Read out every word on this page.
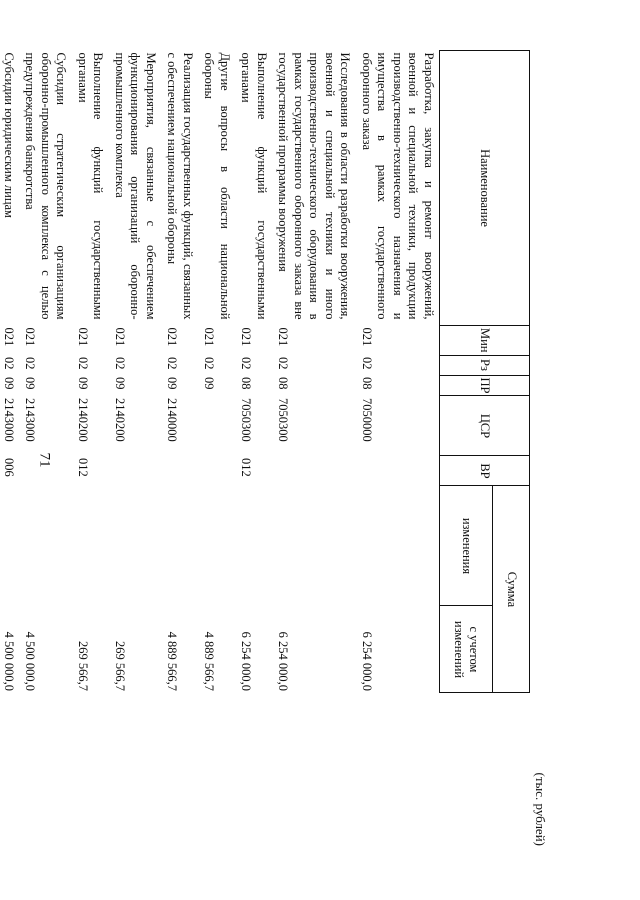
71
(тыс. рублей)
Наименование	Мин	Рз	ПР	ЦСР	ВР	Сумма	
						изменения	с учетом изменений
Разработка, закупка и ремонт вооружений, военной и специальной техники, продукции производственно-технического назначения и имущества в рамках государственного оборонного заказа	021	02	08	7050000			6 254 000,0
Исследования в области разработки вооружения, военной и специальной техники и иного производственно-технического оборудования в рамках государственного оборонного заказа вне государственной программы вооружения	021	02	08	7050300			6 254 000,0
Выполнение функций государственными органами	021	02	08	7050300	012		6 254 000,0
Другие вопросы в области национальной обороны	021	02	09				4 889 566,7
Реализация государственных функций, связанных с обеспечением национальной обороны	021	02	09	2140000			4 889 566,7
Мероприятия, связанные с обеспечением функционирования организаций оборонно-промышленного комплекса	021	02	09	2140200			269 566,7
Выполнение функций государственными органами	021	02	09	2140200	012		269 566,7
Субсидии стратегическим организациям оборонно-промышленного комплекса с целью предупреждения банкротства	021	02	09	2143000			4 500 000,0
Субсидии юридическим лицам	021	02	09	2143000	006		4 500 000,0
